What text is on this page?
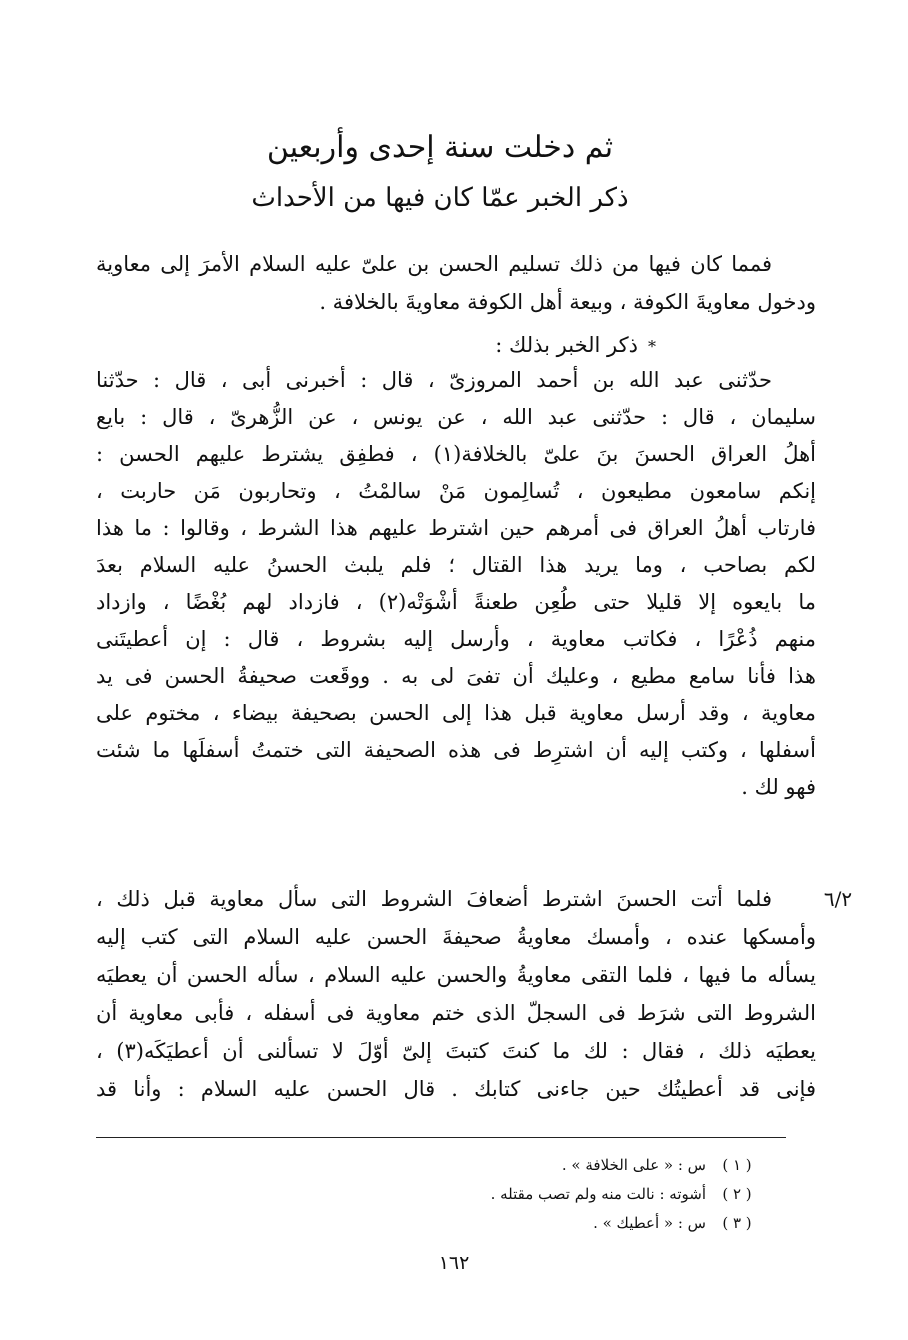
ثم دخلت سنة إحدى وأربعين
ذكر الخبر عمّا كان فيها من الأحداث
فمما كان فيها من ذلك تسليم الحسن بن علىّ عليه السلام الأمرَ إلى معاوية
ودخول معاويةَ الكوفة ، وبيعة أهل الكوفة معاويةَ بالخلافة .
*ذكر الخبر بذلك :
حدّثنى عبد الله بن أحمد المروزىّ ، قال : أخبرنى أبى ، قال : حدّثنا
سليمان ، قال : حدّثنى عبد الله ، عن يونس ، عن الزُّهرىّ ، قال : بايع
أهلُ العراق الحسنَ بنَ علىّ بالخلافة(١) ، فطفِق يشترط عليهم الحسن :
إنكم سامعون مطيعون ، تُسالِمون مَنْ سالمْتُ ، وتحاربون مَن حاربت ،
فارتاب أهلُ العراق فى أمرهم حين اشترط عليهم هذا الشرط ، وقالوا : ما هذا
لكم بصاحب ، وما يريد هذا القتال ؛ فلم يلبث الحسنُ عليه السلام بعدَ
ما بايعوه إلا قليلا حتى طُعِن طعنةً أشْوَتْه(٢) ، فازداد لهم بُغْضًا ، وازداد
منهم ذُعْرًا ، فكاتب معاوية ، وأرسل إليه بشروط ، قال : إن أعطيتَنى
هذا فأنا سامع مطيع ، وعليك أن تفىَ لى به . ووقَعت صحيفةُ الحسن فى يد
معاوية ، وقد أرسل معاوية قبل هذا إلى الحسن بصحيفة بيضاء ، مختوم على
أسفلها ، وكتب إليه أن اشترِط فى هذه الصحيفة التى ختمتُ أسفلَها ما شئت
فهو لك .
٦/٢
فلما أتت الحسنَ اشترط أضعافَ الشروط التى سأل معاوية قبل ذلك ،
وأمسكها عنده ، وأمسك معاويةُ صحيفةَ الحسن عليه السلام التى كتب إليه
يسأله ما فيها ، فلما التقى معاويةُ والحسن عليه السلام ، سأله الحسن أن يعطيَه
الشروط التى شرَط فى السجلّ الذى ختم معاوية فى أسفله ، فأبى معاوية أن
يعطيَه ذلك ، فقال : لك ما كنتَ كتبتَ إلىّ أوّلَ لا تسألنى أن أعطيَكَه(٣) ،
فإنى قد أعطيتُك حين جاءنى كتابك . قال الحسن عليه السلام : وأنا قد
( ١ )س : « على الخلافة » .
( ٢ )أشوته : نالت منه ولم تصب مقتله .
( ٣ )س : « أعطيك » .
١٦٢
